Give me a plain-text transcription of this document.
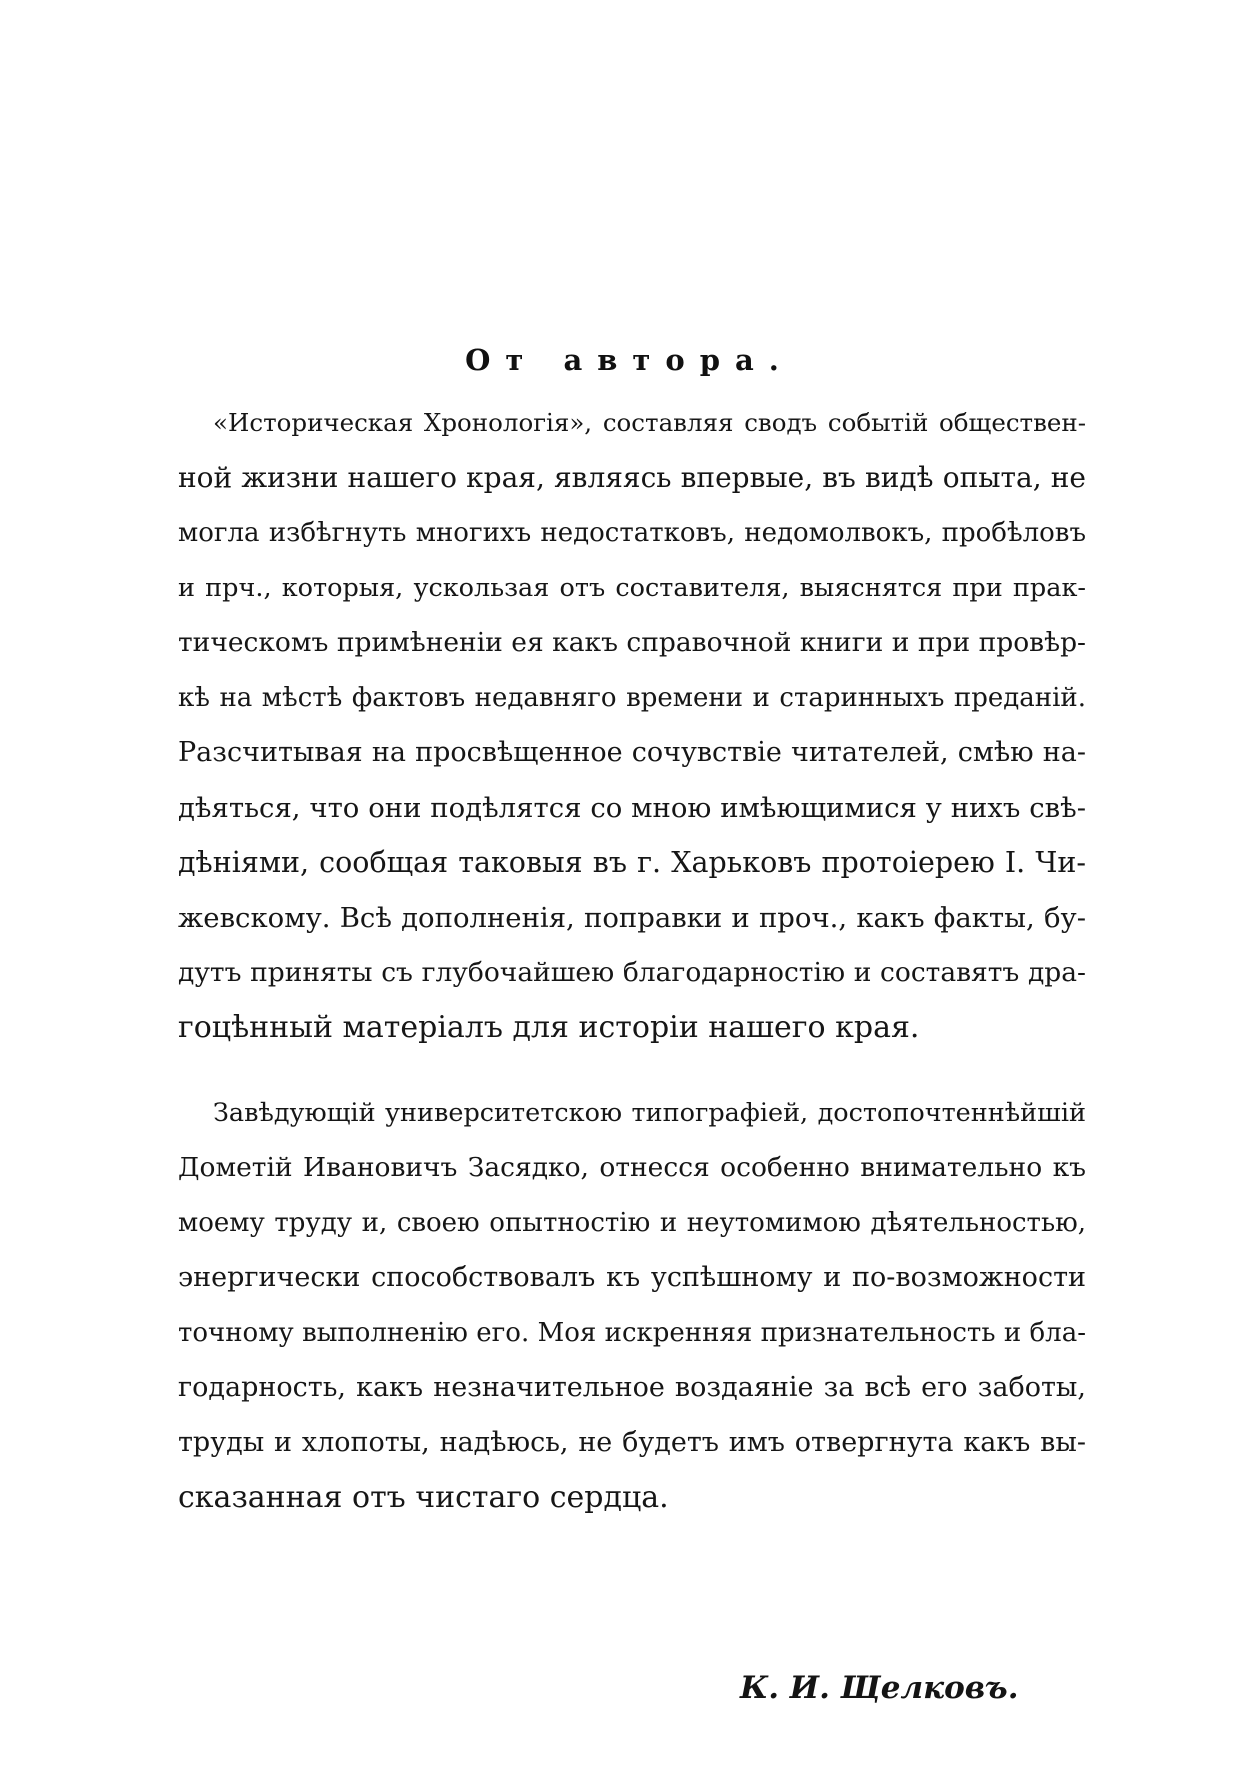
От автора.

«Историческая Хронологія», составляя сводъ событій обществен-

ной жизни нашего края, являясь впервые, въ видѣ опыта, не

могла избѣгнуть многихъ недостатковъ, недомолвокъ, пробѣловъ

и прч., которыя, ускользая отъ составителя, выяснятся при прак-

тическомъ примѣненіи ея какъ справочной книги и при провѣр-

кѣ на мѣстѣ фактовъ недавняго времени и старинныхъ преданій.

Разсчитывая на просвѣщенное сочувствіе читателей, смѣю на-

дѣяться, что они подѣлятся со мною имѣющимися у нихъ свѣ-

дѣніями, сообщая таковыя въ г. Харьковъ протоіерею І. Чи-

жевскому. Всѣ дополненія, поправки и проч., какъ факты, бу-

дутъ приняты съ глубочайшею благодарностію и составятъ дра-

гоцѣнный матеріалъ для исторіи нашего края.

Завѣдующій университетскою типографіей, достопочтеннѣйшій

Дометій Ивановичъ Засядко, отнесся особенно внимательно къ

моему труду и, своею опытностію и неутомимою дѣятельностью,

энергически способствовалъ къ успѣшному и по-возможности

точному выполненію его. Моя искренняя признательность и бла-

годарность, какъ незначительное воздаяніе за всѣ его заботы,

труды и хлопоты, надѣюсь, не будетъ имъ отвергнута какъ вы-

сказанная отъ чистаго сердца.

К. И. Щелковъ.
